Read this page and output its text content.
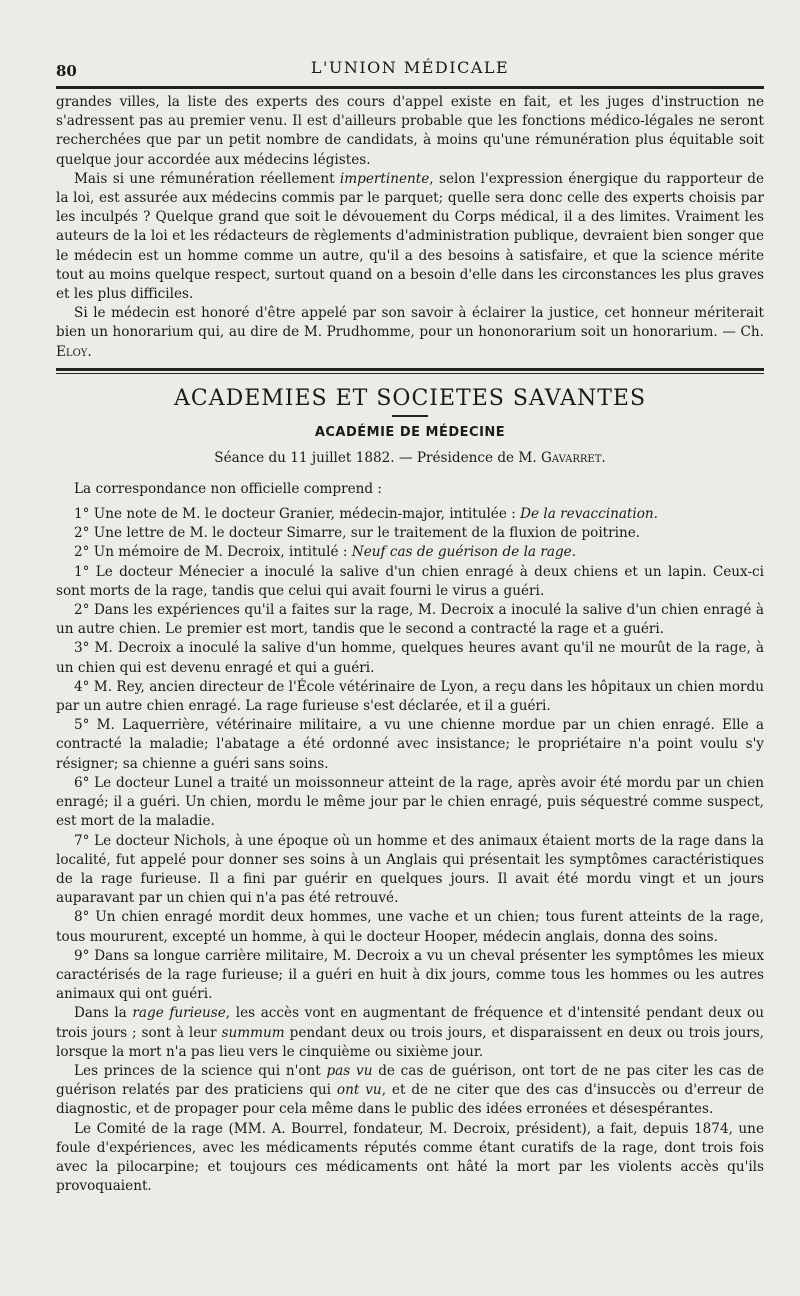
80	L'UNION MÉDICALE

grandes villes, la liste des experts des cours d'appel existe en fait, et les juges d'instruction ne s'adressent pas au premier venu. Il est d'ailleurs probable que les fonctions médico-légales ne seront recherchées que par un petit nombre de candidats, à moins qu'une rémunération plus équitable soit quelque jour accordée aux médecins légistes.

Mais si une rémunération réellement impertinente, selon l'expression énergique du rapporteur de la loi, est assurée aux médecins commis par le parquet; quelle sera donc celle des experts choisis par les inculpés ? Quelque grand que soit le dévouement du Corps médical, il a des limites. Vraiment les auteurs de la loi et les rédacteurs de règlements d'administration publique, devraient bien songer que le médecin est un homme comme un autre, qu'il a des besoins à satisfaire, et que la science mérite tout au moins quelque respect, surtout quand on a besoin d'elle dans les circonstances les plus graves et les plus difficiles.

Si le médecin est honoré d'être appelé par son savoir à éclairer la justice, cet honneur mériterait bien un honorarium qui, au dire de M. Prudhomme, pour un hononorarium soit un honorarium. — Ch. Eloy.

ACADEMIES ET SOCIETES SAVANTES
ACADÉMIE DE MÉDECINE
Séance du 11 juillet 1882. — Présidence de M. Gavarret.

La correspondance non officielle comprend :

1° Une note de M. le docteur Granier, médecin-major, intitulée : De la revaccination.

2° Une lettre de M. le docteur Simarre, sur le traitement de la fluxion de poitrine.

2° Un mémoire de M. Decroix, intitulé : Neuf cas de guérison de la rage.

1° Le docteur Ménecier a inoculé la salive d'un chien enragé à deux chiens et un lapin. Ceux-ci sont morts de la rage, tandis que celui qui avait fourni le virus a guéri.

2° Dans les expériences qu'il a faites sur la rage, M. Decroix a inoculé la salive d'un chien enragé à un autre chien. Le premier est mort, tandis que le second a contracté la rage et a guéri.

3° M. Decroix a inoculé la salive d'un homme, quelques heures avant qu'il ne mourût de la rage, à un chien qui est devenu enragé et qui a guéri.

4° M. Rey, ancien directeur de l'École vétérinaire de Lyon, a reçu dans les hôpitaux un chien mordu par un autre chien enragé. La rage furieuse s'est déclarée, et il a guéri.

5° M. Laquerrière, vétérinaire militaire, a vu une chienne mordue par un chien enragé. Elle a contracté la maladie; l'abatage a été ordonné avec insistance; le propriétaire n'a point voulu s'y résigner; sa chienne a guéri sans soins.

6° Le docteur Lunel a traité un moissonneur atteint de la rage, après avoir été mordu par un chien enragé; il a guéri. Un chien, mordu le même jour par le chien enragé, puis séquestré comme suspect, est mort de la maladie.

7° Le docteur Nichols, à une époque où un homme et des animaux étaient morts de la rage dans la localité, fut appelé pour donner ses soins à un Anglais qui présentait les symptômes caractéristiques de la rage furieuse. Il a fini par guérir en quelques jours. Il avait été mordu vingt et un jours auparavant par un chien qui n'a pas été retrouvé.

8° Un chien enragé mordit deux hommes, une vache et un chien; tous furent atteints de la rage, tous moururent, excepté un homme, à qui le docteur Hooper, médecin anglais, donna des soins.

9° Dans sa longue carrière militaire, M. Decroix a vu un cheval présenter les symptômes les mieux caractérisés de la rage furieuse; il a guéri en huit à dix jours, comme tous les hommes ou les autres animaux qui ont guéri.

Dans la rage furieuse, les accès vont en augmentant de fréquence et d'intensité pendant deux ou trois jours ; sont à leur summum pendant deux ou trois jours, et disparaissent en deux ou trois jours, lorsque la mort n'a pas lieu vers le cinquième ou sixième jour.

Les princes de la science qui n'ont pas vu de cas de guérison, ont tort de ne pas citer les cas de guérison relatés par des praticiens qui ont vu, et de ne citer que des cas d'insuccès ou d'erreur de diagnostic, et de propager pour cela même dans le public des idées erronées et désespérantes.

Le Comité de la rage (MM. A. Bourrel, fondateur, M. Decroix, président), a fait, depuis 1874, une foule d'expériences, avec les médicaments réputés comme étant curatifs de la rage, dont trois fois avec la pilocarpine; et toujours ces médicaments ont hâté la mort par les violents accès qu'ils provoquaient.
